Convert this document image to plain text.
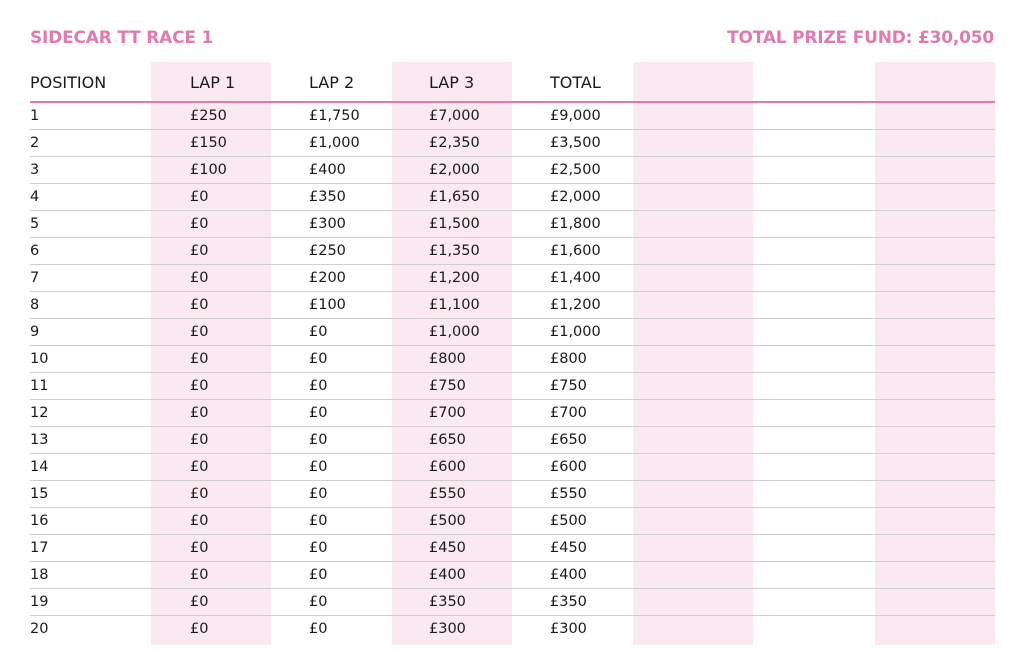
SIDECAR TT RACE 1	TOTAL PRIZE FUND: £30,050
POSITION	LAP 1	LAP 2	LAP 3	TOTAL
1	£250	£1,750	£7,000	£9,000
2	£150	£1,000	£2,350	£3,500
3	£100	£400	£2,000	£2,500
4	£0	£350	£1,650	£2,000
5	£0	£300	£1,500	£1,800
6	£0	£250	£1,350	£1,600
7	£0	£200	£1,200	£1,400
8	£0	£100	£1,100	£1,200
9	£0	£0	£1,000	£1,000
10	£0	£0	£800	£800
11	£0	£0	£750	£750
12	£0	£0	£700	£700
13	£0	£0	£650	£650
14	£0	£0	£600	£600
15	£0	£0	£550	£550
16	£0	£0	£500	£500
17	£0	£0	£450	£450
18	£0	£0	£400	£400
19	£0	£0	£350	£350
20	£0	£0	£300	£300
